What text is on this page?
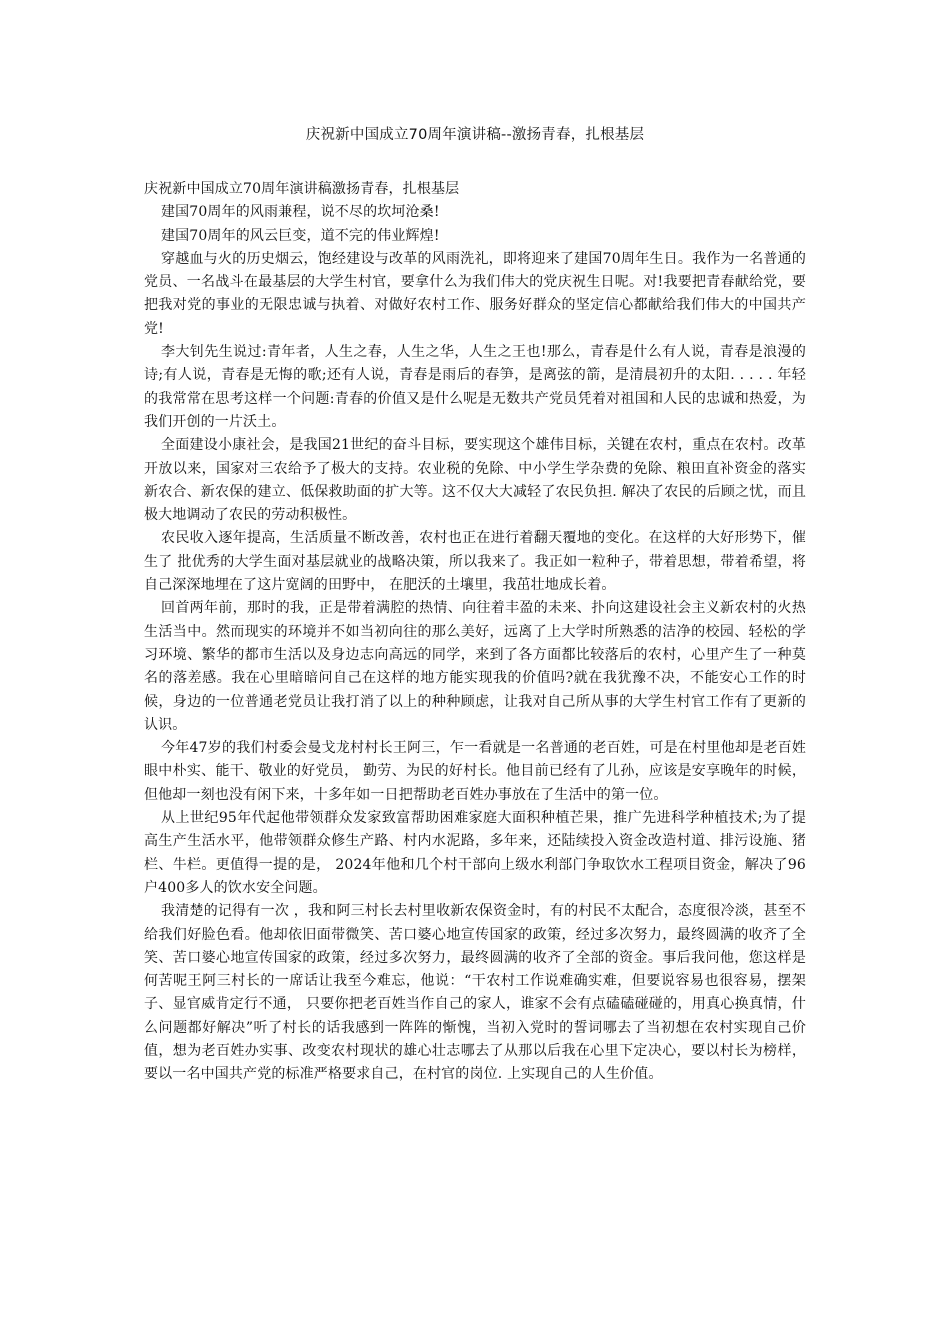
庆祝新中国成立70周年演讲稿--激扬青春，扎根基层

庆祝新中国成立70周年演讲稿激扬青春，扎根基层

建国70周年的风雨兼程，说不尽的坎坷沧桑!

建国70周年的风云巨变，道不完的伟业辉煌!

穿越血与火的历史烟云，饱经建设与改革的风雨洗礼，即将迎来了建国70周年生日。我作为一名普通的党员、一名战斗在最基层的大学生村官，要拿什么为我们伟大的党庆祝生日呢。对!我要把青春献给党，要把我对党的事业的无限忠诚与执着、对做好农村工作、服务好群众的坚定信心都献给我们伟大的中国共产党!

李大钊先生说过:青年者，人生之春，人生之华，人生之王也!那么，青春是什么有人说，青春是浪漫的诗;有人说，青春是无悔的歌;还有人说，青春是雨后的春笋，是离弦的箭，是清晨初升的太阳. . . . . 年轻的我常常在思考这样一个问题:青春的价值又是什么呢是无数共产党员凭着对祖国和人民的忠诚和热爱，为我们开创的一片沃土。

全面建设小康社会，是我国21世纪的奋斗目标，要实现这个雄伟目标，关键在农村，重点在农村。改革开放以来，国家对三农给予了极大的支持。农业税的免除、中小学生学杂费的免除、粮田直补资金的落实新农合、新农保的建立、低保救助面的扩大等。这不仅大大减轻了农民负担. 解决了农民的后顾之忧，而且极大地调动了农民的劳动积极性。

农民收入逐年提高，生活质量不断改善，农村也正在进行着翻天覆地的变化。在这样的大好形势下，催生了 批优秀的大学生面对基层就业的战略决策，所以我来了。我正如一粒种子，带着思想，带着希望，将自己深深地埋在了这片宽阔的田野中， 在肥沃的土壤里，我茁壮地成长着。

回首两年前，那时的我，正是带着满腔的热情、向往着丰盈的未来、扑向这建设社会主义新农村的火热生活当中。然而现实的环境并不如当初向往的那么美好，远离了上大学时所熟悉的洁净的校园、轻松的学习环境、繁华的都市生活以及身边志向高远的同学，来到了各方面都比较落后的农村，心里产生了一种莫名的落差感。我在心里暗暗问自己在这样的地方能实现我的价值吗?就在我犹豫不决，不能安心工作的时候，身边的一位普通老党员让我打消了以上的种种顾虑，让我对自己所从事的大学生村官工作有了更新的认识。

今年47岁的我们村委会曼戈龙村村长王阿三，乍一看就是一名普通的老百姓，可是在村里他却是老百姓眼中朴实、能干、敬业的好党员， 勤劳、为民的好村长。他目前已经有了儿孙，应该是安享晚年的时候，但他却一刻也没有闲下来，十多年如一日把帮助老百姓办事放在了生活中的第一位。

从上世纪95年代起他带领群众发家致富帮助困难家庭大面积种植芒果，推广先进科学种植技术;为了提高生产生活水平，他带领群众修生产路、村内水泥路，多年来，还陆续投入资金改造村道、排污设施、猪栏、牛栏。更值得一提的是， 2024年他和几个村干部向上级水利部门争取饮水工程项目资金，解决了96户400多人的饮水安全问题。

我清楚的记得有一次 ，我和阿三村长去村里收新农保资金时，有的村民不太配合，态度很冷淡，甚至不给我们好脸色看。他却依旧面带微笑、苦口婆心地宣传国家的政策，经过多次努力，最终圆满的收齐了全笑、苦口婆心地宣传国家的政策，经过多次努力，最终圆满的收齐了全部的资金。事后我问他，您这样是何苦呢王阿三村长的一席话让我至今难忘，他说：“干农村工作说难确实难，但要说容易也很容易，摆架子、显官威肯定行不通， 只要你把老百姓当作自己的家人，谁家不会有点磕磕碰碰的，用真心换真情，什么问题都好解决”听了村长的话我感到一阵阵的惭愧，当初入党时的誓词哪去了当初想在农村实现自己价值，想为老百姓办实事、改变农村现状的雄心壮志哪去了从那以后我在心里下定决心，要以村长为榜样，要以一名中国共产党的标准严格要求自己，在村官的岗位. 上实现自己的人生价值。
